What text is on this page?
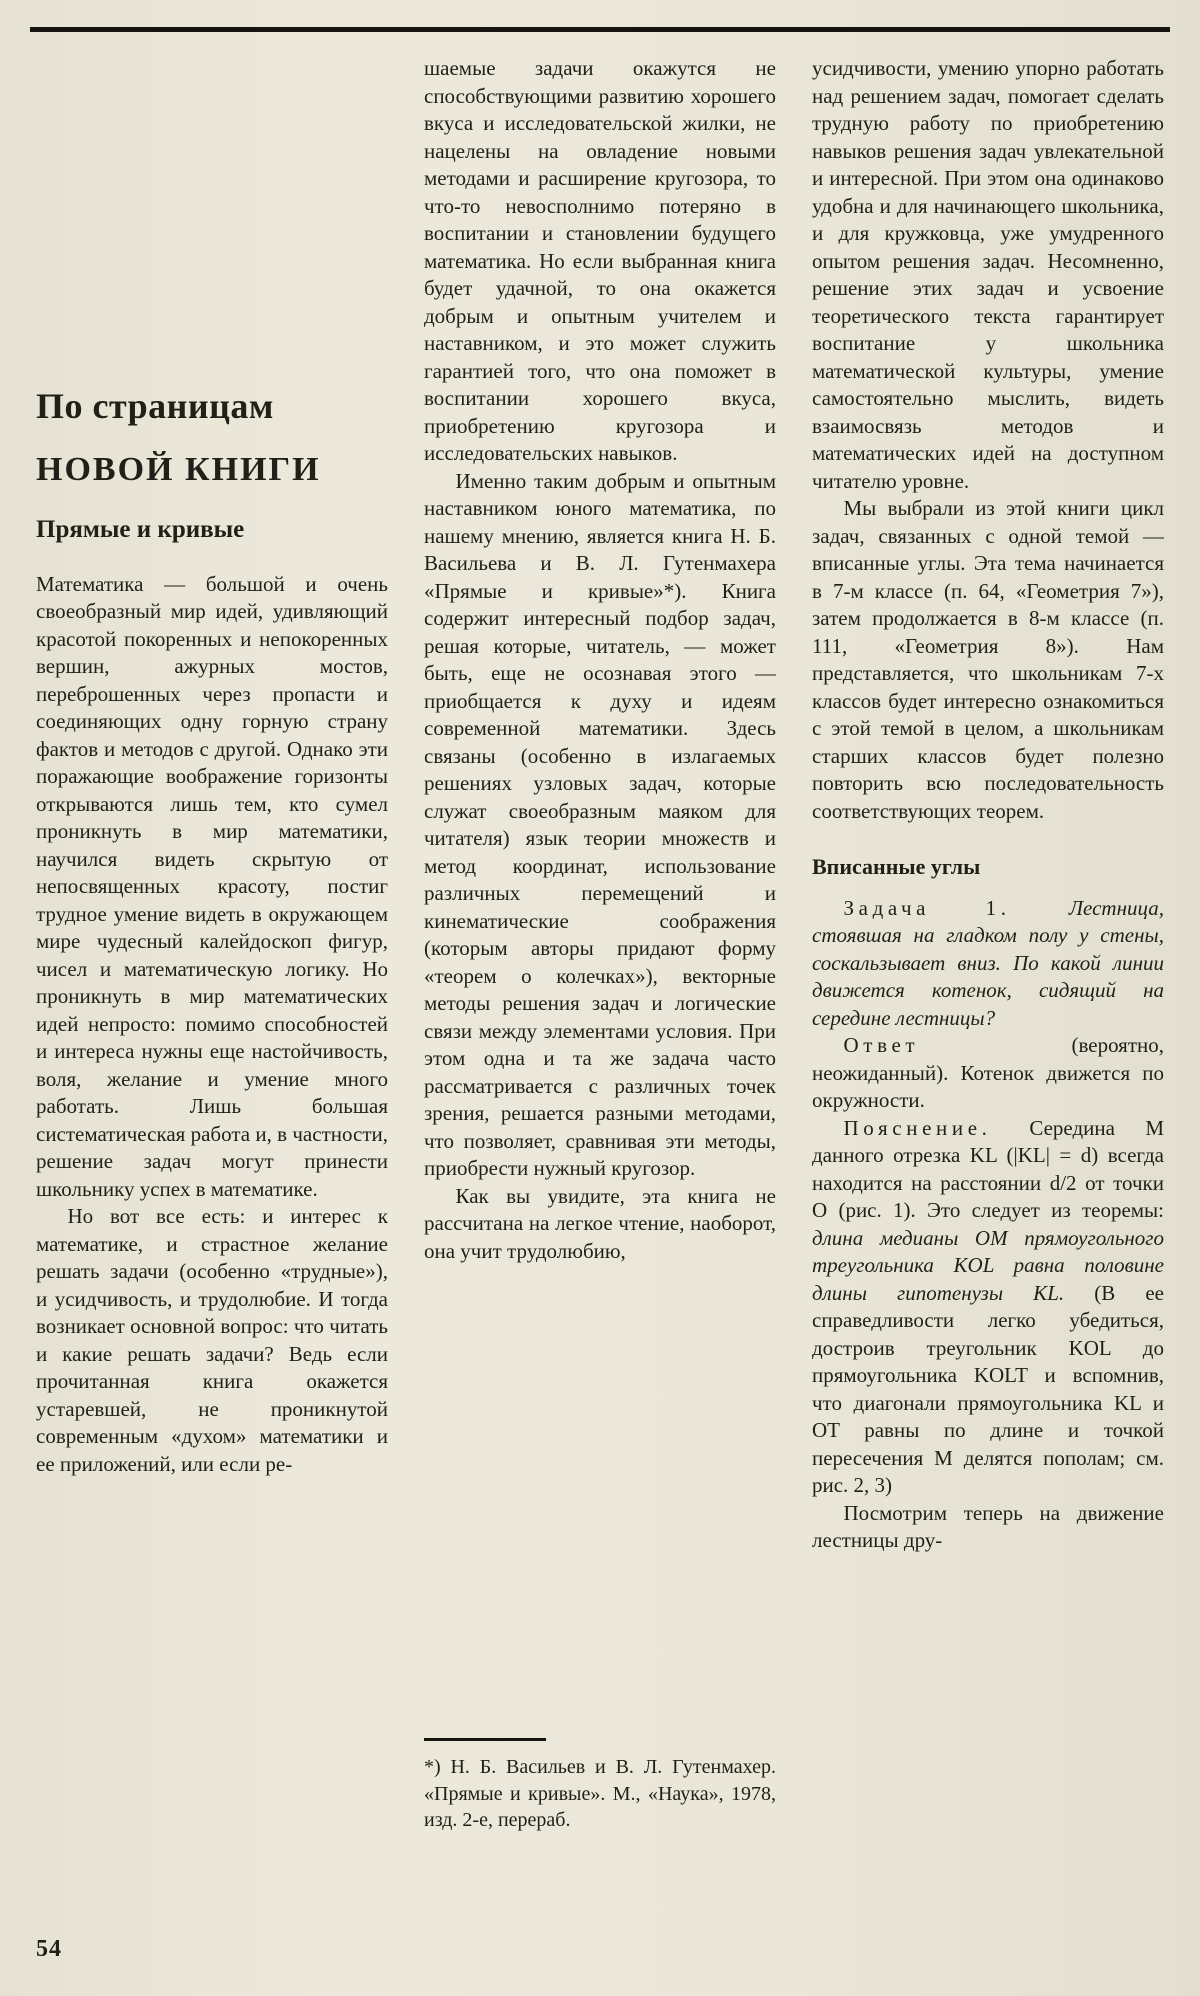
По страницам
НОВОЙ КНИГИ
Прямые и кривые

Математика — большой и очень своеобразный мир идей, удивляющий красотой покоренных и непокоренных вершин, ажурных мостов, переброшенных через пропасти и соединяющих одну горную страну фактов и методов с другой. Однако эти поражающие воображение горизонты открываются лишь тем, кто сумел проникнуть в мир математики, научился видеть скрытую от непосвященных красоту, постиг трудное умение видеть в окружающем мире чудесный калейдоскоп фигур, чисел и математическую логику. Но проникнуть в мир математических идей непросто: помимо способностей и интереса нужны еще настойчивость, воля, желание и умение много работать. Лишь большая систематическая работа и, в частности, решение задач могут принести школьнику успех в математике.

Но вот все есть: и интерес к математике, и страстное желание решать задачи (особенно «трудные»), и усидчивость, и трудолюбие. И тогда возникает основной вопрос: что читать и какие решать задачи? Ведь если прочитанная книга окажется устаревшей, не проникнутой современным «духом» математики и ее приложений, или если ре-

шаемые задачи окажутся не способствующими развитию хорошего вкуса и исследовательской жилки, не нацелены на овладение новыми методами и расширение кругозора, то что-то невосполнимо потеряно в воспитании и становлении будущего математика. Но если выбранная книга будет удачной, то она окажется добрым и опытным учителем и наставником, и это может служить гарантией того, что она поможет в воспитании хорошего вкуса, приобретению кругозора и исследовательских навыков.

Именно таким добрым и опытным наставником юного математика, по нашему мнению, является книга Н. Б. Васильева и В. Л. Гутенмахера «Прямые и кривые»*). Книга содержит интересный подбор задач, решая которые, читатель, — может быть, еще не осознавая этого — приобщается к духу и идеям современной математики. Здесь связаны (особенно в излагаемых решениях узловых задач, которые служат своеобразным маяком для читателя) язык теории множеств и метод координат, использование различных перемещений и кинематические соображения (которым авторы придают форму «теорем о колечках»), векторные методы решения задач и логические связи между элементами условия. При этом одна и та же задача часто рассматривается с различных точек зрения, решается разными методами, что позволяет, сравнивая эти методы, приобрести нужный кругозор.

Как вы увидите, эта книга не рассчитана на легкое чтение, наоборот, она учит трудолюбию,

*) Н. Б. Васильев и В. Л. Гутенмахер. «Прямые и кривые». М., «Наука», 1978, изд. 2-е, перераб.

усидчивости, умению упорно работать над решением задач, помогает сделать трудную работу по приобретению навыков решения задач увлекательной и интересной. При этом она одинаково удобна и для начинающего школьника, и для кружковца, уже умудренного опытом решения задач. Несомненно, решение этих задач и усвоение теоретического текста гарантирует воспитание у школьника математической культуры, умение самостоятельно мыслить, видеть взаимосвязь методов и математических идей на доступном читателю уровне.

Мы выбрали из этой книги цикл задач, связанных с одной темой — вписанные углы. Эта тема начинается в 7-м классе (п. 64, «Геометрия 7»), затем продолжается в 8-м классе (п. 111, «Геометрия 8»). Нам представляется, что школьникам 7-х классов будет интересно ознакомиться с этой темой в целом, а школьникам старших классов будет полезно повторить всю последовательность соответствующих теорем.

Вписанные углы

Задача 1.	Лестница, стоявшая на гладком полу у стены, соскальзывает вниз. По какой линии движется котенок, сидящий на середине лестницы?

Ответ	(вероятно, неожиданный). Котенок движется по окружности.

Пояснение. Середина M данного отрезка KL (|KL| = d) всегда находится на расстоянии d/2 от точки O (рис. 1). Это следует из теоремы: длина медианы OM прямоугольного треугольника KOL равна половине длины гипотенузы KL. (В ее справедливости легко убедиться, достроив треугольник KOL до прямоугольника KOLT и вспомнив, что диагонали прямоугольника KL и OT равны по длине и точкой пересечения M делятся пополам; см. рис. 2, 3)

Посмотрим теперь на движение лестницы дру-

54
